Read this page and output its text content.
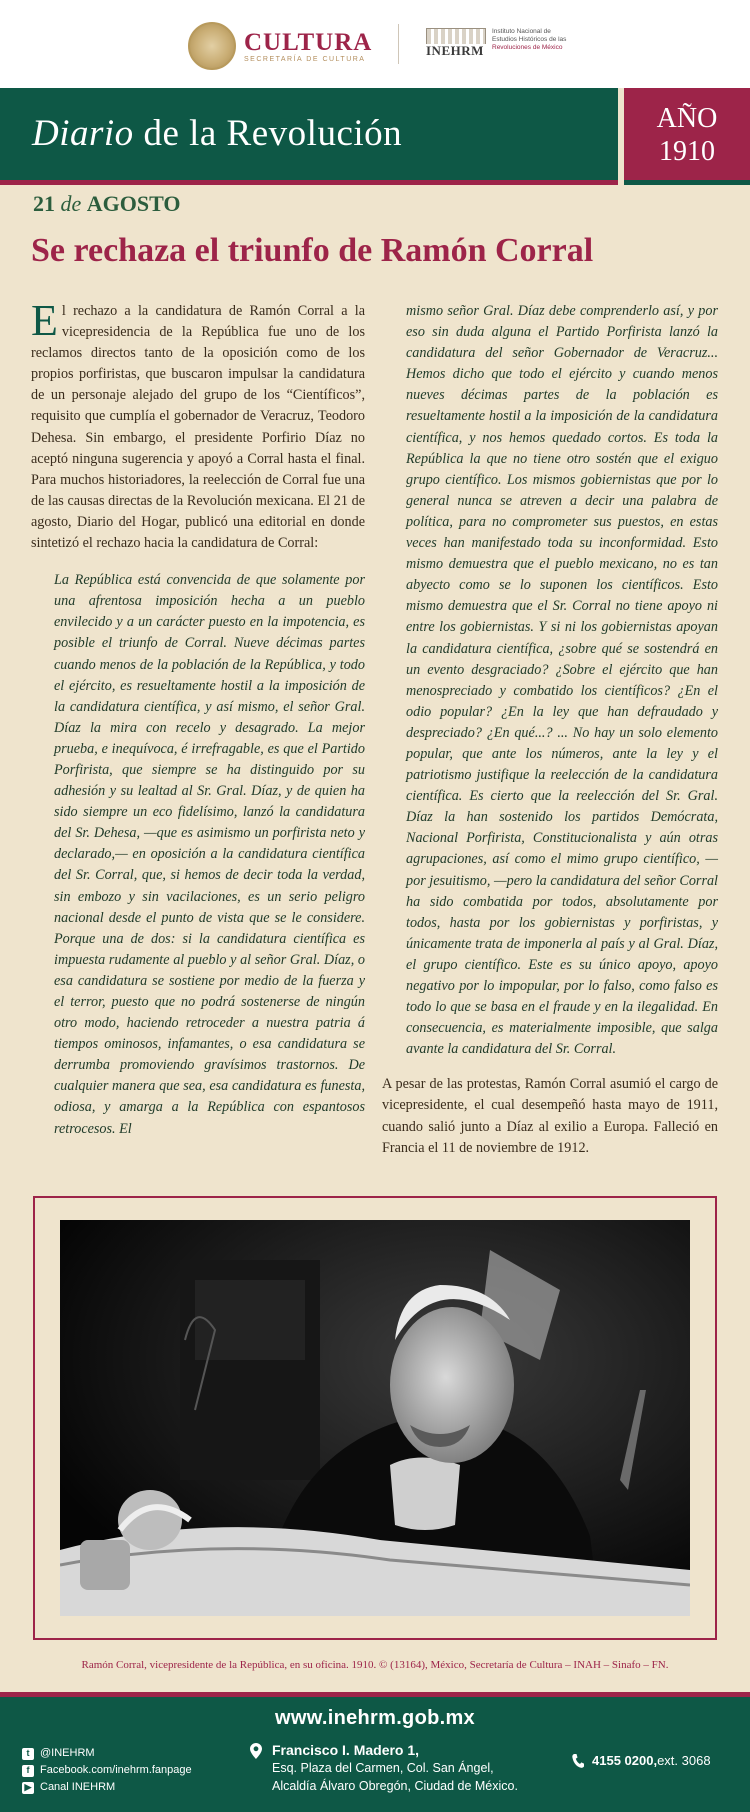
CULTURA
SECRETARÍA DE CULTURA
INEHRM
Instituto Nacional de
Estudios Históricos de las
Revoluciones de México
Diario de la Revolución	AÑO
1910
21 de AGOSTO
Se rechaza el triunfo de Ramón Corral

El rechazo a la candidatura de Ramón Corral a la vicepresidencia de la República fue uno de los reclamos directos tanto de la oposición como de los propios porfiristas, que buscaron impulsar la candidatura de un personaje alejado del grupo de los “Científicos”, requisito que cumplía el gobernador de Veracruz, Teodoro Dehesa. Sin embargo, el presidente Porfirio Díaz no aceptó ninguna sugerencia y apoyó a Corral hasta el final. Para muchos historiadores, la reelección de Corral fue una de las causas directas de la Revolución mexicana. El 21 de agosto, Diario del Hogar, publicó una editorial en donde sintetizó el rechazo hacia la candidatura de Corral:

La República está convencida de que solamente por una afrentosa imposición hecha a un pueblo envilecido y a un carácter puesto en la impotencia, es posible el triunfo de Corral. Nueve décimas partes cuando menos de la población de la República, y todo el ejército, es resueltamente hostil a la imposición de la candidatura científica, y así mismo, el señor Gral. Díaz la mira con recelo y desagrado. La mejor prueba, e inequívoca, é irrefragable, es que el Partido Porfirista, que siempre se ha distinguido por su adhesión y su lealtad al Sr. Gral. Díaz, y de quien ha sido siempre un eco fidelísimo, lanzó la candidatura del Sr. Dehesa, —que es asimismo un porfirista neto y declarado,— en oposición a la candidatura científica del Sr. Corral, que, si hemos de decir toda la verdad, sin embozo y sin vacilaciones, es un serio peligro nacional desde el punto de vista que se le considere. Porque una de dos: si la candidatura científica es impuesta rudamente al pueblo y al señor Gral. Díaz, o esa candidatura se sostiene por medio de la fuerza y el terror, puesto que no podrá sostenerse de ningún otro modo, haciendo retroceder a nuestra patria á tiempos ominosos, infamantes, o esa candidatura se derrumba promoviendo gravísimos trastornos. De cualquier manera que sea, esa candidatura es funesta, odiosa, y amarga a la República con espantosos retrocesos. El

mismo señor Gral. Díaz debe comprenderlo así, y por eso sin duda alguna el Partido Porfirista lanzó la candidatura del señor Gobernador de Veracruz... Hemos dicho que todo el ejército y cuando menos nueves décimas partes de la población es resueltamente hostil a la imposición de la candidatura científica, y nos hemos quedado cortos. Es toda la República la que no tiene otro sostén que el exiguo grupo científico. Los mismos gobiernistas que por lo general nunca se atreven a decir una palabra de política, para no comprometer sus puestos, en estas veces han manifestado toda su inconformidad. Esto mismo demuestra que el pueblo mexicano, no es tan abyecto como se lo suponen los científicos. Esto mismo demuestra que el Sr. Corral no tiene apoyo ni entre los gobiernistas. Y si ni los gobiernistas apoyan la candidatura científica, ¿sobre qué se sostendrá en un evento desgraciado? ¿Sobre el ejército que han menospreciado y combatido los científicos? ¿En el odio popular? ¿En la ley que han defraudado y despreciado? ¿En qué...? ... No hay un solo elemento popular, que ante los números, ante la ley y el patriotismo justifique la reelección de la candidatura científica. Es cierto que la reelección del Sr. Gral. Díaz la han sostenido los partidos Demócrata, Nacional Porfirista, Constitucionalista y aún otras agrupaciones, así como el mimo grupo científico, —por jesuitismo, —pero la candidatura del señor Corral ha sido combatida por todos, absolutamente por todos, hasta por los gobiernistas y porfiristas, y únicamente trata de imponerla al país y al Gral. Díaz, el grupo científico. Este es su único apoyo, apoyo negativo por lo impopular, por lo falso, como falso es todo lo que se basa en el fraude y en la ilegalidad. En consecuencia, es materialmente imposible, que salga avante la candidatura del Sr. Corral.

A pesar de las protestas, Ramón Corral asumió el cargo de vicepresidente, el cual desempeñó hasta mayo de 1911, cuando salió junto a Díaz al exilio a Europa. Falleció en Francia el 11 de noviembre de 1912.

Ramón Corral, vicepresidente de la República, en su oficina. 1910. © (13164), México, Secretaría de Cultura – INAH – Sinafo – FN.
www.inehrm.gob.mx
t @INEHRM
f Facebook.com/inehrm.fanpage
▶ Canal INEHRM
Francisco I. Madero 1,
Esq. Plaza del Carmen, Col. San Ángel,
Alcaldía Álvaro Obregón, Ciudad de México.
4155 0200, ext. 3068
